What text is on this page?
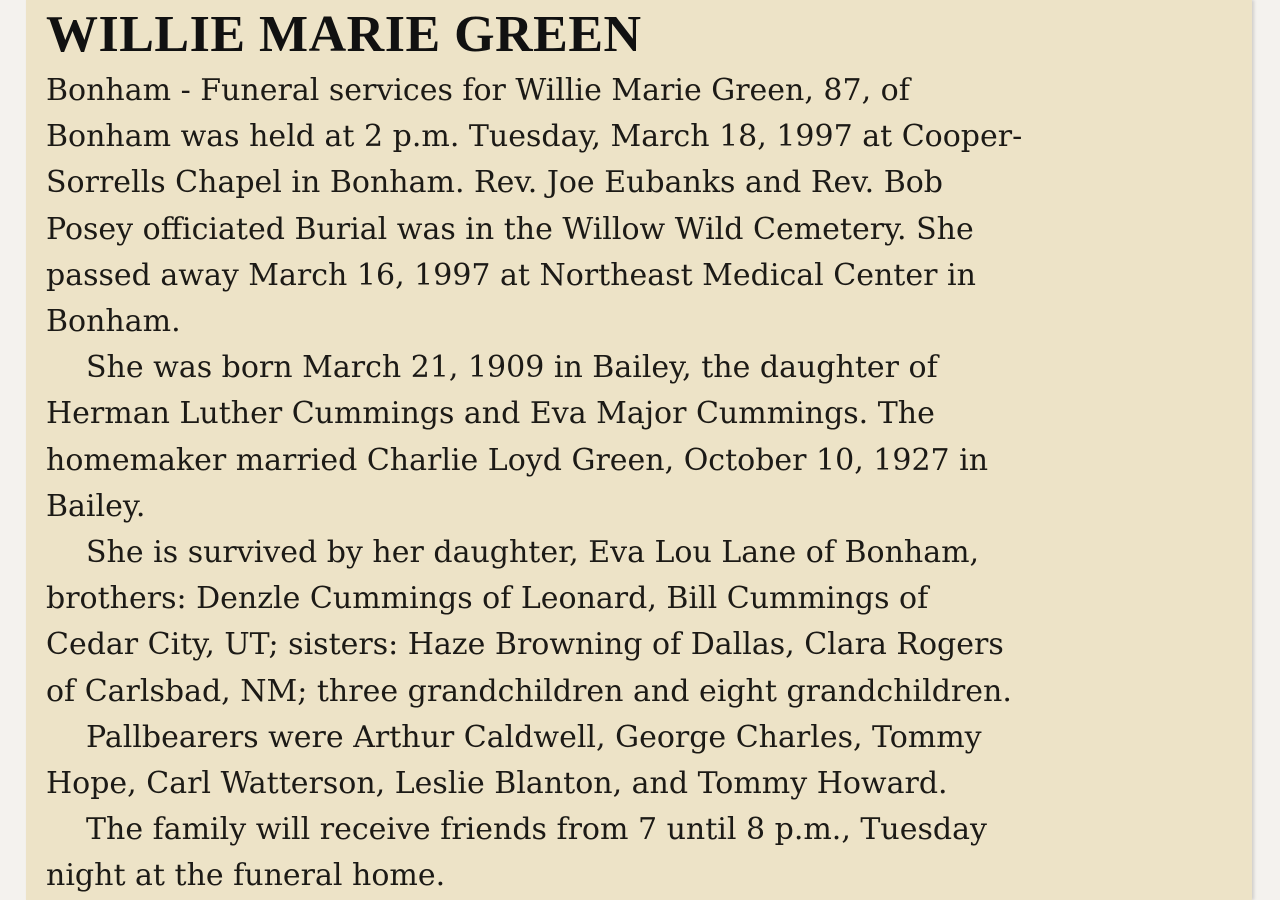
WILLIE MARIE GREEN
Bonham - Funeral services for Willie Marie Green, 87, of
Bonham was held at 2 p.m. Tuesday, March 18, 1997 at Cooper-
Sorrells Chapel in Bonham. Rev. Joe Eubanks and Rev. Bob
Posey officiated Burial was in the Willow Wild Cemetery. She
passed away March 16, 1997 at Northeast Medical Center in
Bonham.
She was born March 21, 1909 in Bailey, the daughter of
Herman Luther Cummings and Eva Major Cummings. The
homemaker married Charlie Loyd Green, October 10, 1927 in
Bailey.
She is survived by her daughter, Eva Lou Lane of Bonham,
brothers: Denzle Cummings of Leonard, Bill Cummings of
Cedar City, UT; sisters: Haze Browning of Dallas, Clara Rogers
of Carlsbad, NM; three grandchildren and eight grandchildren.
Pallbearers were Arthur Caldwell, George Charles, Tommy
Hope, Carl Watterson, Leslie Blanton, and Tommy Howard.
The family will receive friends from 7 until 8 p.m., Tuesday
night at the funeral home.
